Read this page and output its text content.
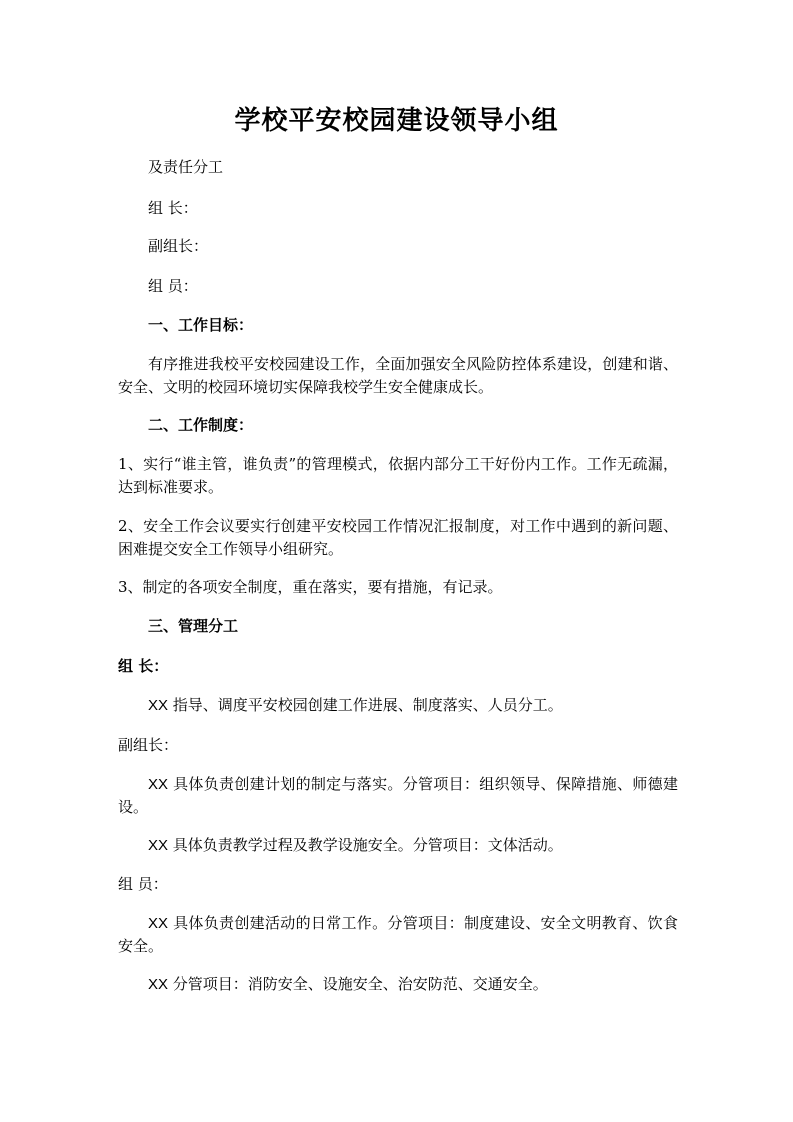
学校平安校园建设领导小组

及责任分工

组 长：

副组长：

组 员：

一、工作目标：

有序推进我校平安校园建设工作，全面加强安全风险防控体系建设，创建和谐、安全、文明的校园环境切实保障我校学生安全健康成长。

二、工作制度：

1、实行“谁主管，谁负责”的管理模式，依据内部分工干好份内工作。工作无疏漏，达到标准要求。

2、安全工作会议要实行创建平安校园工作情况汇报制度，对工作中遇到的新问题、困难提交安全工作领导小组研究。

3、制定的各项安全制度，重在落实，要有措施，有记录。

三、管理分工

组 长：

XX 指导、调度平安校园创建工作进展、制度落实、人员分工。

副组长：

XX 具体负责创建计划的制定与落实。分管项目：组织领导、保障措施、师德建设。

XX 具体负责教学过程及教学设施安全。分管项目：文体活动。

组 员：

XX 具体负责创建活动的日常工作。分管项目：制度建设、安全文明教育、饮食安全。

XX 分管项目：消防安全、设施安全、治安防范、交通安全。
